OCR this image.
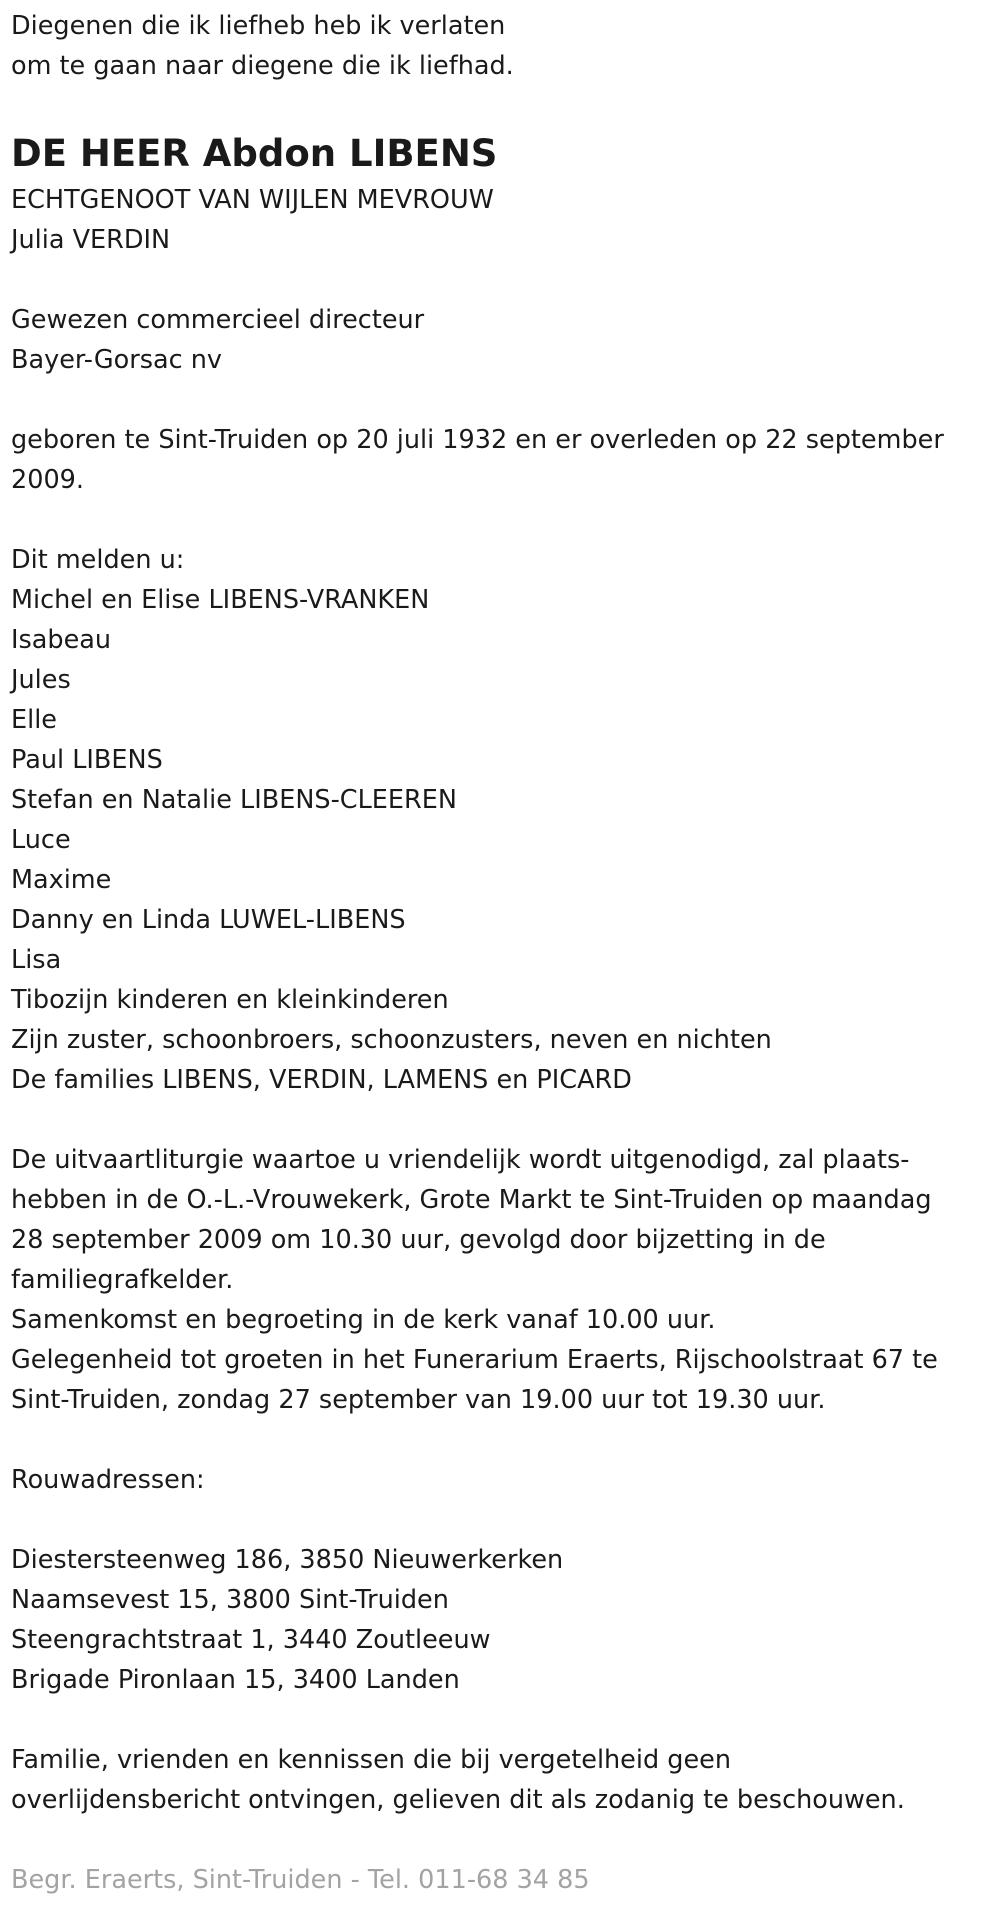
Diegenen die ik liefheb heb ik verlaten
om te gaan naar diegene die ik liefhad.
DE HEER Abdon LIBENS
ECHTGENOOT VAN WIJLEN MEVROUW
Julia VERDIN
Gewezen commercieel directeur
Bayer-Gorsac nv
geboren te Sint-Truiden op 20 juli 1932 en er overleden op 22 september
2009.
Dit melden u:
Michel en Elise LIBENS-VRANKEN
Isabeau
Jules
Elle
Paul LIBENS
Stefan en Natalie LIBENS-CLEEREN
Luce
Maxime
Danny en Linda LUWEL-LIBENS
Lisa
Tibozijn kinderen en kleinkinderen
Zijn zuster, schoonbroers, schoonzusters, neven en nichten
De families LIBENS, VERDIN, LAMENS en PICARD
De uitvaartliturgie waartoe u vriendelijk wordt uitgenodigd, zal plaats-
hebben in de O.-L.-Vrouwekerk, Grote Markt te Sint-Truiden op maandag
28 september 2009 om 10.30 uur, gevolgd door bijzetting in de
familiegrafkelder.
Samenkomst en begroeting in de kerk vanaf 10.00 uur.
Gelegenheid tot groeten in het Funerarium Eraerts, Rijschoolstraat 67 te
Sint-Truiden, zondag 27 september van 19.00 uur tot 19.30 uur.
Rouwadressen:
Diestersteenweg 186, 3850 Nieuwerkerken
Naamsevest 15, 3800 Sint-Truiden
Steengrachtstraat 1, 3440 Zoutleeuw
Brigade Pironlaan 15, 3400 Landen
Familie, vrienden en kennissen die bij vergetelheid geen
overlijdensbericht ontvingen, gelieven dit als zodanig te beschouwen.
Begr. Eraerts, Sint-Truiden - Tel. 011-68 34 85
